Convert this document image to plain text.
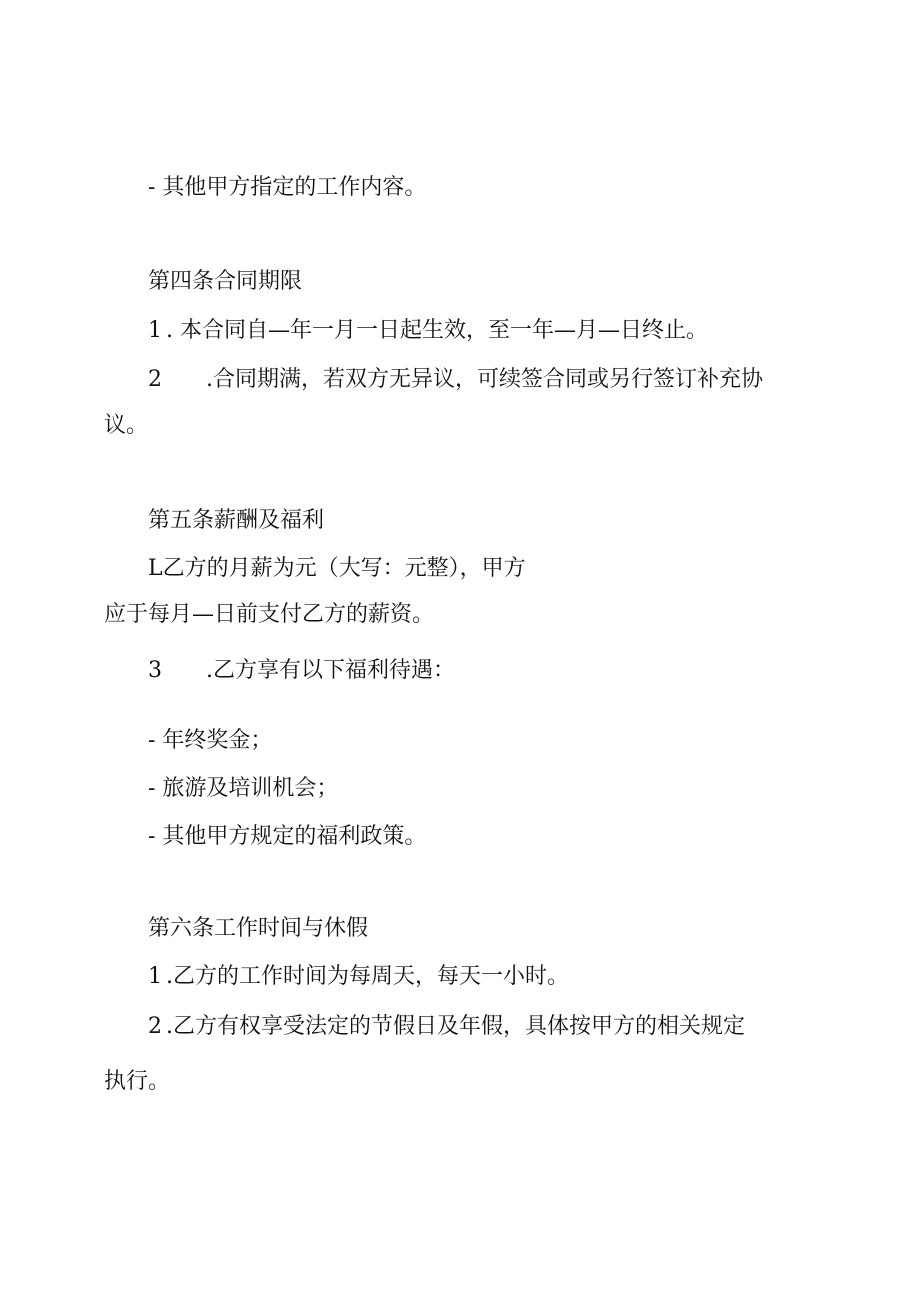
- 其他甲方指定的工作内容。
第四条合同期限
1 . 本合同自—年一月一日起生效，至一年—月—日终止。
2 .合同期满，若双方无异议，可续签合同或另行签订补充协
议。
第五条薪酬及福利
L乙方的月薪为元（大写：元整），甲方
应于每月—日前支付乙方的薪资。
3 .乙方享有以下福利待遇：
- 年终奖金；
- 旅游及培训机会；
- 其他甲方规定的福利政策。
第六条工作时间与休假
1 .乙方的工作时间为每周天，每天一小时。
2 .乙方有权享受法定的节假日及年假，具体按甲方的相关规定
执行。
